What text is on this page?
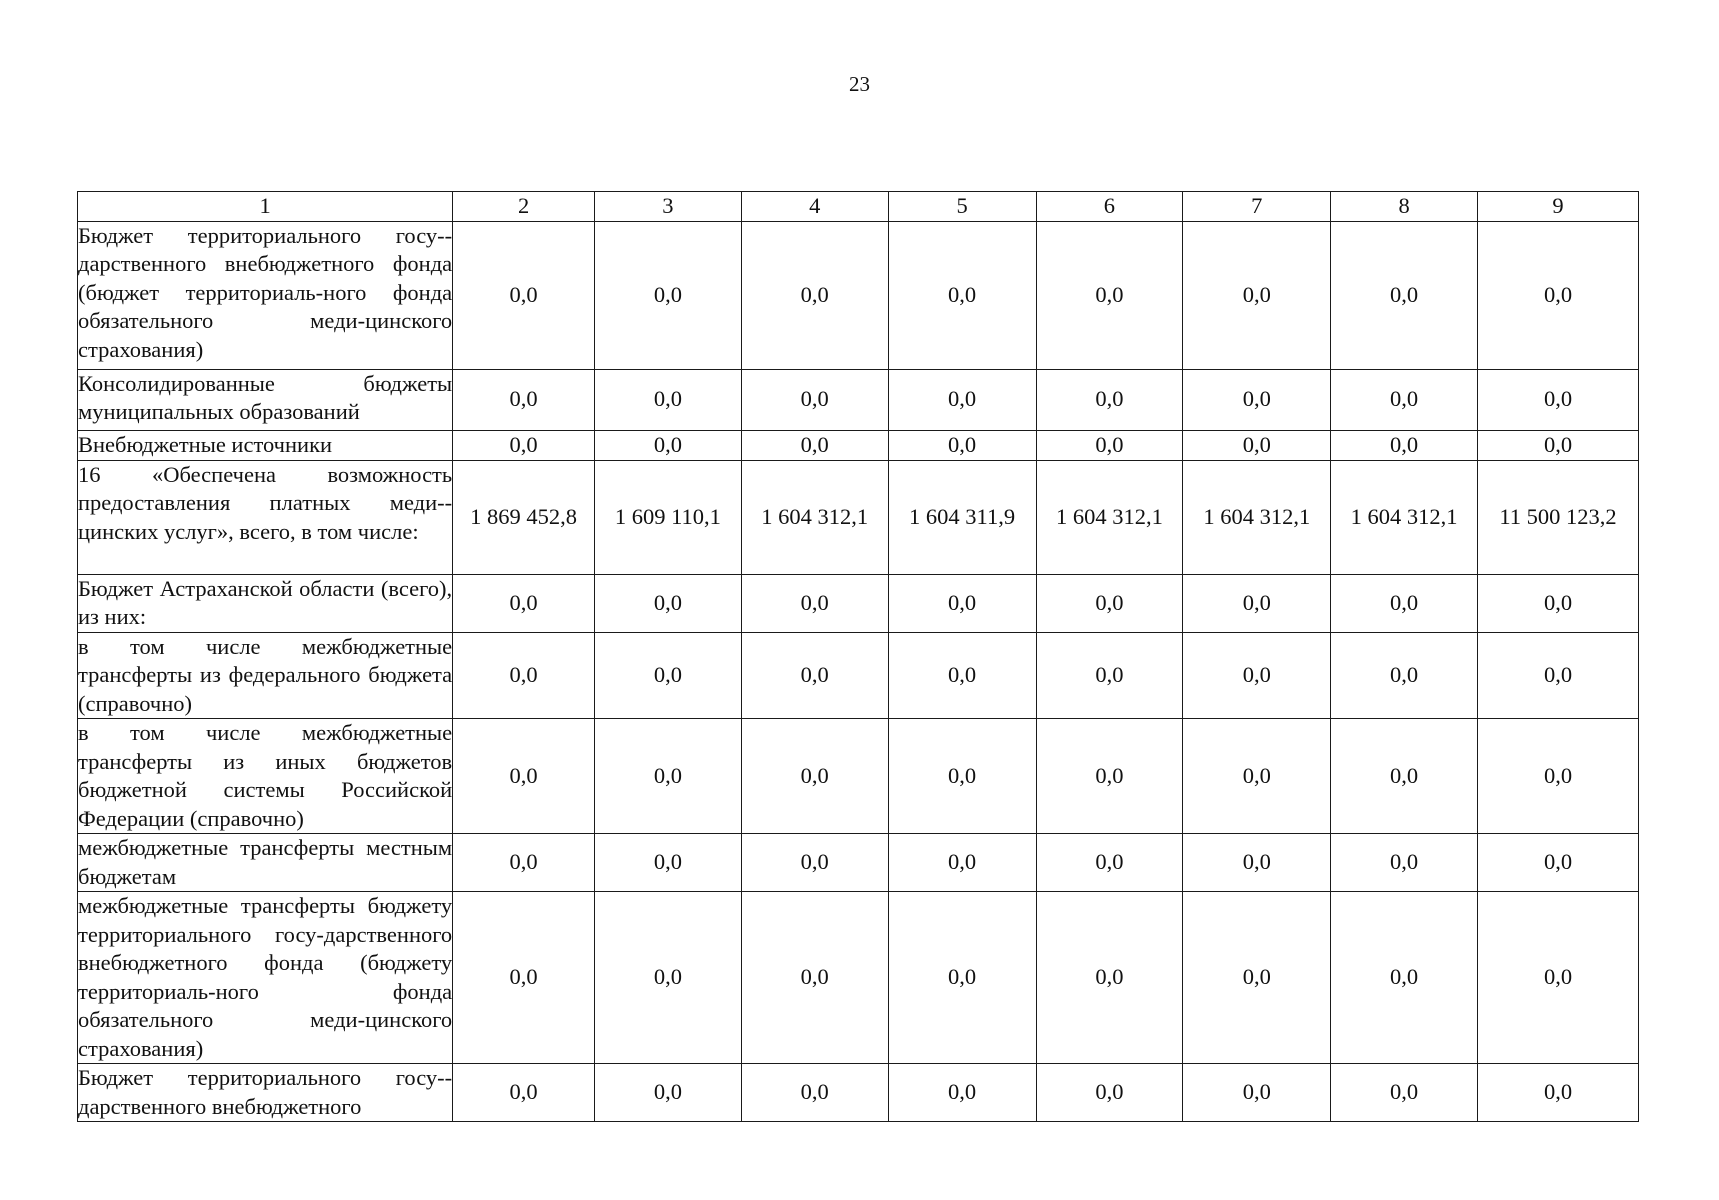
23
1	2	3	4	5	6	7	8	9
Бюджет территориального госу-дарственного внебюджетного фонда (бюджет территориаль-ного фонда обязательного меди-цинского страхования)	0,0	0,0	0,0	0,0	0,0	0,0	0,0	0,0
Консолидированные бюджеты муниципальных образований	0,0	0,0	0,0	0,0	0,0	0,0	0,0	0,0
Внебюджетные источники	0,0	0,0	0,0	0,0	0,0	0,0	0,0	0,0
16 «Обеспечена возможность предоставления платных меди-цинских услуг», всего, в том числе:	1 869 452,8	1 609 110,1	1 604 312,1	1 604 311,9	1 604 312,1	1 604 312,1	1 604 312,1	11 500 123,2
Бюджет Астраханской области (всего), из них:	0,0	0,0	0,0	0,0	0,0	0,0	0,0	0,0
в том числе межбюджетные трансферты из федерального бюджета (справочно)	0,0	0,0	0,0	0,0	0,0	0,0	0,0	0,0
в том числе межбюджетные трансферты из иных бюджетов бюджетной системы Российской Федерации (справочно)	0,0	0,0	0,0	0,0	0,0	0,0	0,0	0,0
межбюджетные трансферты местным бюджетам	0,0	0,0	0,0	0,0	0,0	0,0	0,0	0,0
межбюджетные трансферты бюджету территориального госу-дарственного внебюджетного фонда (бюджету территориаль-ного фонда обязательного меди-цинского страхования)	0,0	0,0	0,0	0,0	0,0	0,0	0,0	0,0
Бюджет территориального госу-дарственного внебюджетного	0,0	0,0	0,0	0,0	0,0	0,0	0,0	0,0
